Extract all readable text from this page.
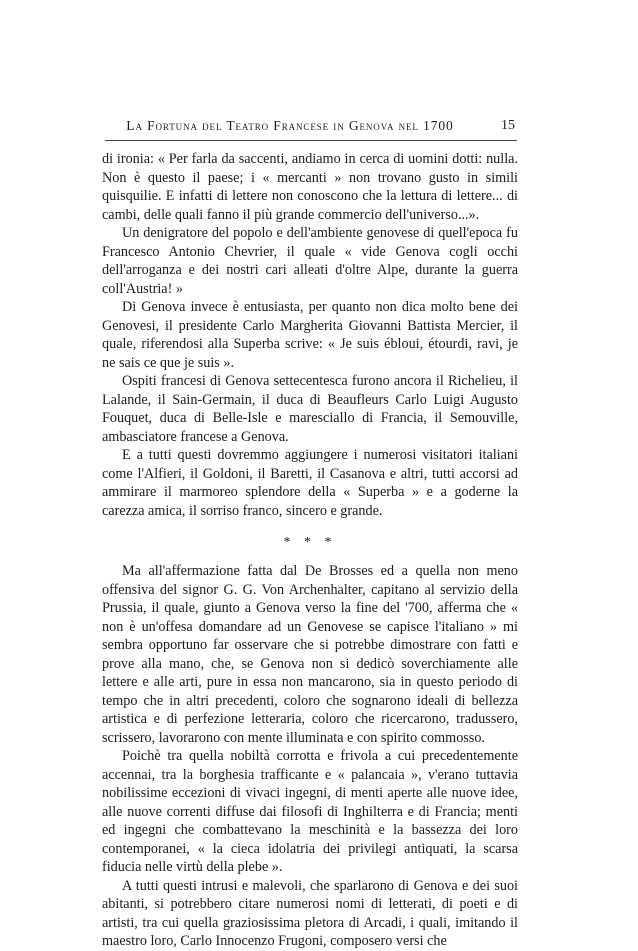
La Fortuna del Teatro Francese in Genova nel 1700	15

di ironia: « Per farla da saccenti, andiamo in cerca di uomini dotti: nulla. Non è questo il paese; i « mercanti » non trovano gusto in simili quisquilie. E infatti di lettere non conoscono che la lettura di lettere... di cambi, delle quali fanno il più grande commercio dell'universo...».

Un denigratore del popolo e dell'ambiente genovese di quell'epoca fu Francesco Antonio Chevrier, il quale « vide Genova cogli occhi dell'arroganza e dei nostri cari alleati d'oltre Alpe, durante la guerra coll'Austria! »

Di Genova invece è entusiasta, per quanto non dica molto bene dei Genovesi, il presidente Carlo Margherita Giovanni Battista Mercier, il quale, riferendosi alla Superba scrive: « Je suis ébloui, étourdi, ravi, je ne sais ce que je suis ».

Ospiti francesi di Genova settecentesca furono ancora il Richelieu, il Lalande, il Sain-Germain, il duca di Beaufleurs Carlo Luigi Augusto Fouquet, duca di Belle-Isle e maresciallo di Francia, il Semouville, ambasciatore francese a Genova.

E a tutti questi dovremmo aggiungere i numerosi visitatori italiani come l'Alfieri, il Goldoni, il Baretti, il Casanova e altri, tutti accorsi ad ammirare il marmoreo splendore della « Superba » e a goderne la carezza amica, il sorriso franco, sincero e grande.

* * *

Ma all'affermazione fatta dal De Brosses ed a quella non meno offensiva del signor G. G. Von Archenhalter, capitano al servizio della Prussia, il quale, giunto a Genova verso la fine del '700, afferma che « non è un'offesa domandare ad un Genovese se capisce l'italiano » mi sembra opportuno far osservare che si potrebbe dimostrare con fatti e prove alla mano, che, se Genova non si dedicò soverchiamente alle lettere e alle arti, pure in essa non mancarono, sia in questo periodo di tempo che in altri precedenti, coloro che sognarono ideali di bellezza artistica e di perfezione letteraria, coloro che ricercarono, tradussero, scrissero, lavorarono con mente illuminata e con spirito commosso.

Poichè tra quella nobiltà corrotta e frivola a cui precedentemente accennai, tra la borghesia trafficante e « palancaia », v'erano tuttavia nobilissime eccezioni di vivaci ingegni, di menti aperte alle nuove idee, alle nuove correnti diffuse dai filosofi di Inghilterra e di Francia; menti ed ingegni che combattevano la meschinità e la bassezza dei loro contemporanei, « la cieca idolatria dei privilegi antiquati, la scarsa fiducia nelle virtù della plebe ».

A tutti questi intrusi e malevoli, che sparlarono di Genova e dei suoi abitanti, si potrebbero citare numerosi nomi di letterati, di poeti e di artisti, tra cui quella graziosissima pletora di Arcadi, i quali, imitando il maestro loro, Carlo Innocenzo Frugoni, composero versi che
